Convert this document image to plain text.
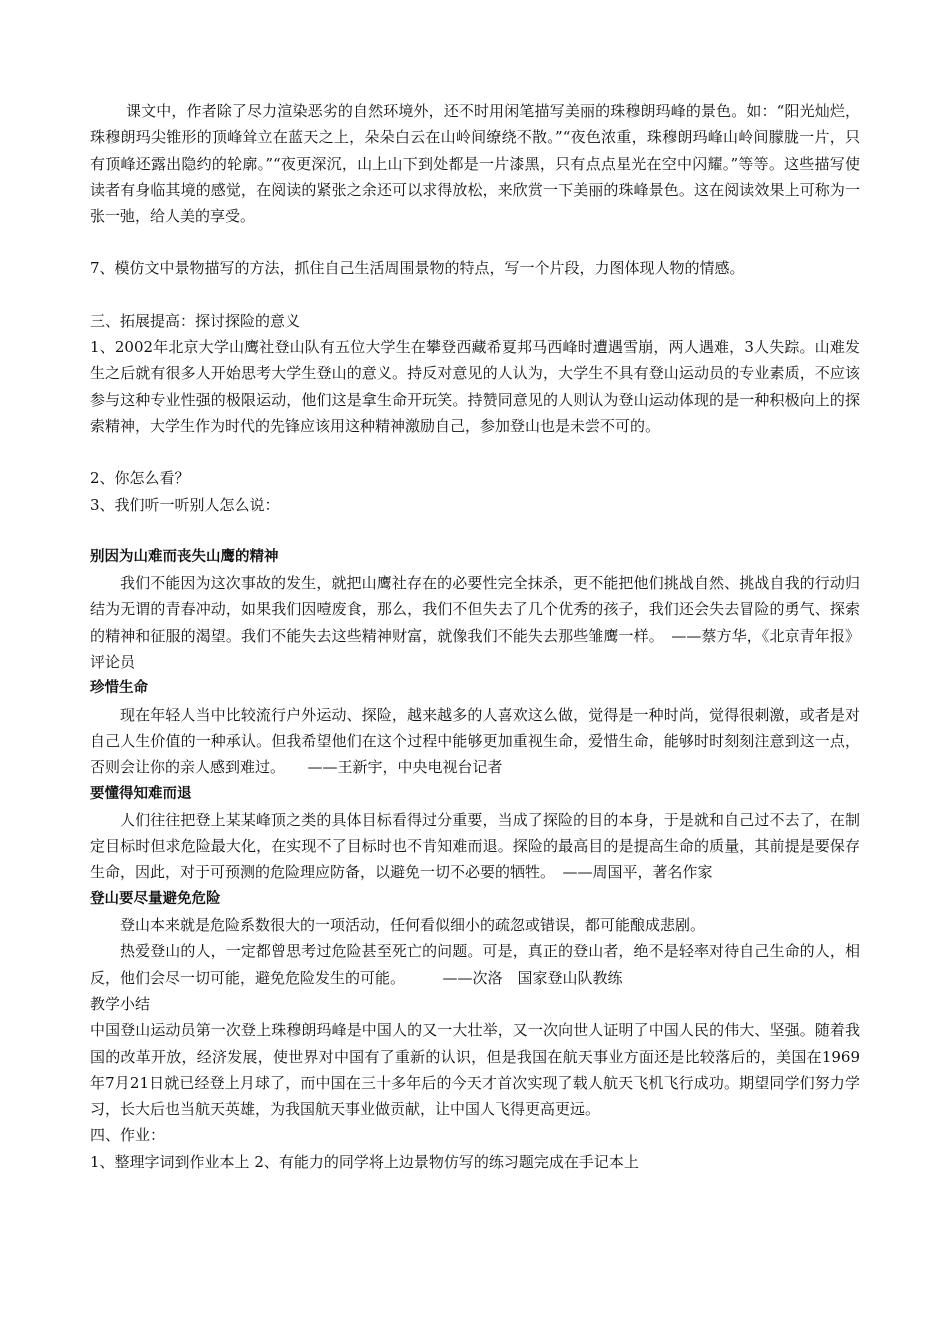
课文中，作者除了尽力渲染恶劣的自然环境外，还不时用闲笔描写美丽的珠穆朗玛峰的景色。如：“阳光灿烂，珠穆朗玛尖锥形的顶峰耸立在蓝天之上，朵朵白云在山岭间缭绕不散。”“夜色浓重，珠穆朗玛峰山岭间朦胧一片，只有顶峰还露出隐约的轮廓。”“夜更深沉，山上山下到处都是一片漆黑，只有点点星光在空中闪耀。”等等。这些描写使读者有身临其境的感觉，在阅读的紧张之余还可以求得放松，来欣赏一下美丽的珠峰景色。这在阅读效果上可称为一张一弛，给人美的享受。

7、模仿文中景物描写的方法，抓住自己生活周围景物的特点，写一个片段，力图体现人物的情感。

三、拓展提高：探讨探险的意义

1、2002年北京大学山鹰社登山队有五位大学生在攀登西藏希夏邦马西峰时遭遇雪崩，两人遇难，3人失踪。山难发生之后就有很多人开始思考大学生登山的意义。持反对意见的人认为，大学生不具有登山运动员的专业素质，不应该参与这种专业性强的极限运动，他们这是拿生命开玩笑。持赞同意见的人则认为登山运动体现的是一种积极向上的探索精神，大学生作为时代的先锋应该用这种精神激励自己，参加登山也是未尝不可的。

2、你怎么看？

3、我们听一听别人怎么说：

别因为山难而丧失山鹰的精神

我们不能因为这次事故的发生，就把山鹰社存在的必要性完全抹杀，更不能把他们挑战自然、挑战自我的行动归结为无谓的青春冲动，如果我们因噎废食，那么，我们不但失去了几个优秀的孩子，我们还会失去冒险的勇气、探索的精神和征服的渴望。我们不能失去这些精神财富，就像我们不能失去那些雏鹰一样。　——蔡方华，《北京青年报》评论员

珍惜生命

现在年轻人当中比较流行户外运动、探险，越来越多的人喜欢这么做，觉得是一种时尚，觉得很刺激，或者是对自己人生价值的一种承认。但我希望他们在这个过程中能够更加重视生命，爱惜生命，能够时时刻刻注意到这一点，否则会让你的亲人感到难过。　　——王新宇，中央电视台记者

要懂得知难而退

人们往往把登上某某峰顶之类的具体目标看得过分重要，当成了探险的目的本身，于是就和自己过不去了，在制定目标时但求危险最大化，在实现不了目标时也不肯知难而退。探险的最高目的是提高生命的质量，其前提是要保存生命，因此，对于可预测的危险理应防备，以避免一切不必要的牺牲。　——周国平，著名作家

登山要尽量避免危险

登山本来就是危险系数很大的一项活动，任何看似细小的疏忽或错误，都可能酿成悲剧。

热爱登山的人，一定都曾思考过危险甚至死亡的问题。可是，真正的登山者，绝不是轻率对待自己生命的人，相反，他们会尽一切可能，避免危险发生的可能。　　　——次洛　国家登山队教练

教学小结

中国登山运动员第一次登上珠穆朗玛峰是中国人的又一大壮举，又一次向世人证明了中国人民的伟大、坚强。随着我国的改革开放，经济发展，使世界对中国有了重新的认识，但是我国在航天事业方面还是比较落后的，美国在1969年7月21日就已经登上月球了，而中国在三十多年后的今天才首次实现了载人航天飞机飞行成功。期望同学们努力学习，长大后也当航天英雄，为我国航天事业做贡献，让中国人飞得更高更远。

四、作业：

1、整理字词到作业本上 2、有能力的同学将上边景物仿写的练习题完成在手记本上
